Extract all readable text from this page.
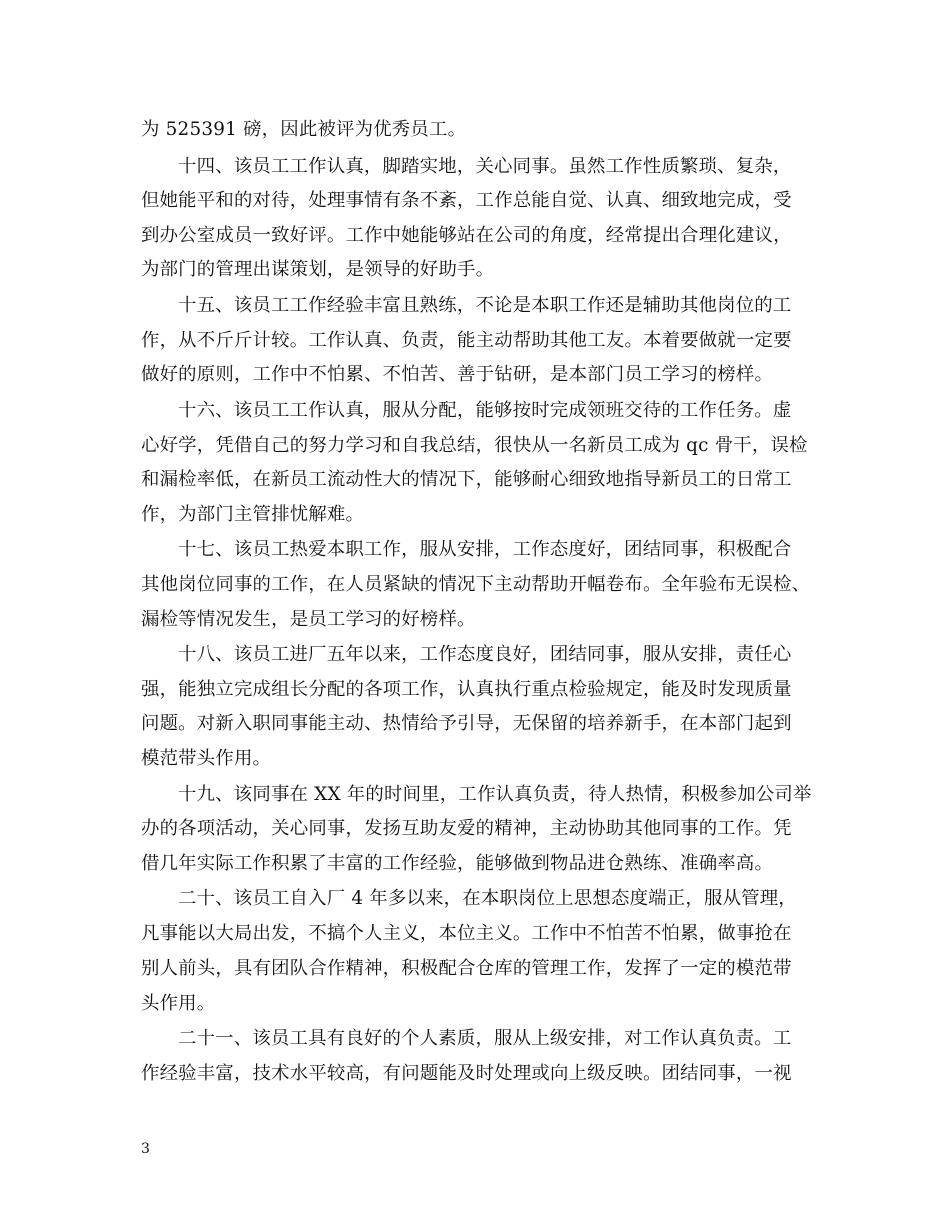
为 525391 磅，因此被评为优秀员工。
十四、该员工工作认真，脚踏实地，关心同事。虽然工作性质繁琐、复杂，
但她能平和的对待，处理事情有条不紊，工作总能自觉、认真、细致地完成，受
到办公室成员一致好评。工作中她能够站在公司的角度，经常提出合理化建议，
为部门的管理出谋策划，是领导的好助手。
十五、该员工工作经验丰富且熟练，不论是本职工作还是辅助其他岗位的工
作，从不斤斤计较。工作认真、负责，能主动帮助其他工友。本着要做就一定要
做好的原则，工作中不怕累、不怕苦、善于钻研，是本部门员工学习的榜样。
十六、该员工工作认真，服从分配，能够按时完成领班交待的工作任务。虚
心好学，凭借自己的努力学习和自我总结，很快从一名新员工成为 qc 骨干，误检
和漏检率低，在新员工流动性大的情况下，能够耐心细致地指导新员工的日常工
作，为部门主管排忧解难。
十七、该员工热爱本职工作，服从安排，工作态度好，团结同事，积极配合
其他岗位同事的工作，在人员紧缺的情况下主动帮助开幅卷布。全年验布无误检、
漏检等情况发生，是员工学习的好榜样。
十八、该员工进厂五年以来，工作态度良好，团结同事，服从安排，责任心
强，能独立完成组长分配的各项工作，认真执行重点检验规定，能及时发现质量
问题。对新入职同事能主动、热情给予引导，无保留的培养新手，在本部门起到
模范带头作用。
十九、该同事在 XX 年的时间里，工作认真负责，待人热情，积极参加公司举
办的各项活动，关心同事，发扬互助友爱的精神，主动协助其他同事的工作。凭
借几年实际工作积累了丰富的工作经验，能够做到物品进仓熟练、准确率高。
二十、该员工自入厂 4 年多以来，在本职岗位上思想态度端正，服从管理，
凡事能以大局出发，不搞个人主义，本位主义。工作中不怕苦不怕累，做事抢在
别人前头，具有团队合作精神，积极配合仓库的管理工作，发挥了一定的模范带
头作用。
二十一、该员工具有良好的个人素质，服从上级安排，对工作认真负责。工
作经验丰富，技术水平较高，有问题能及时处理或向上级反映。团结同事，一视
3
